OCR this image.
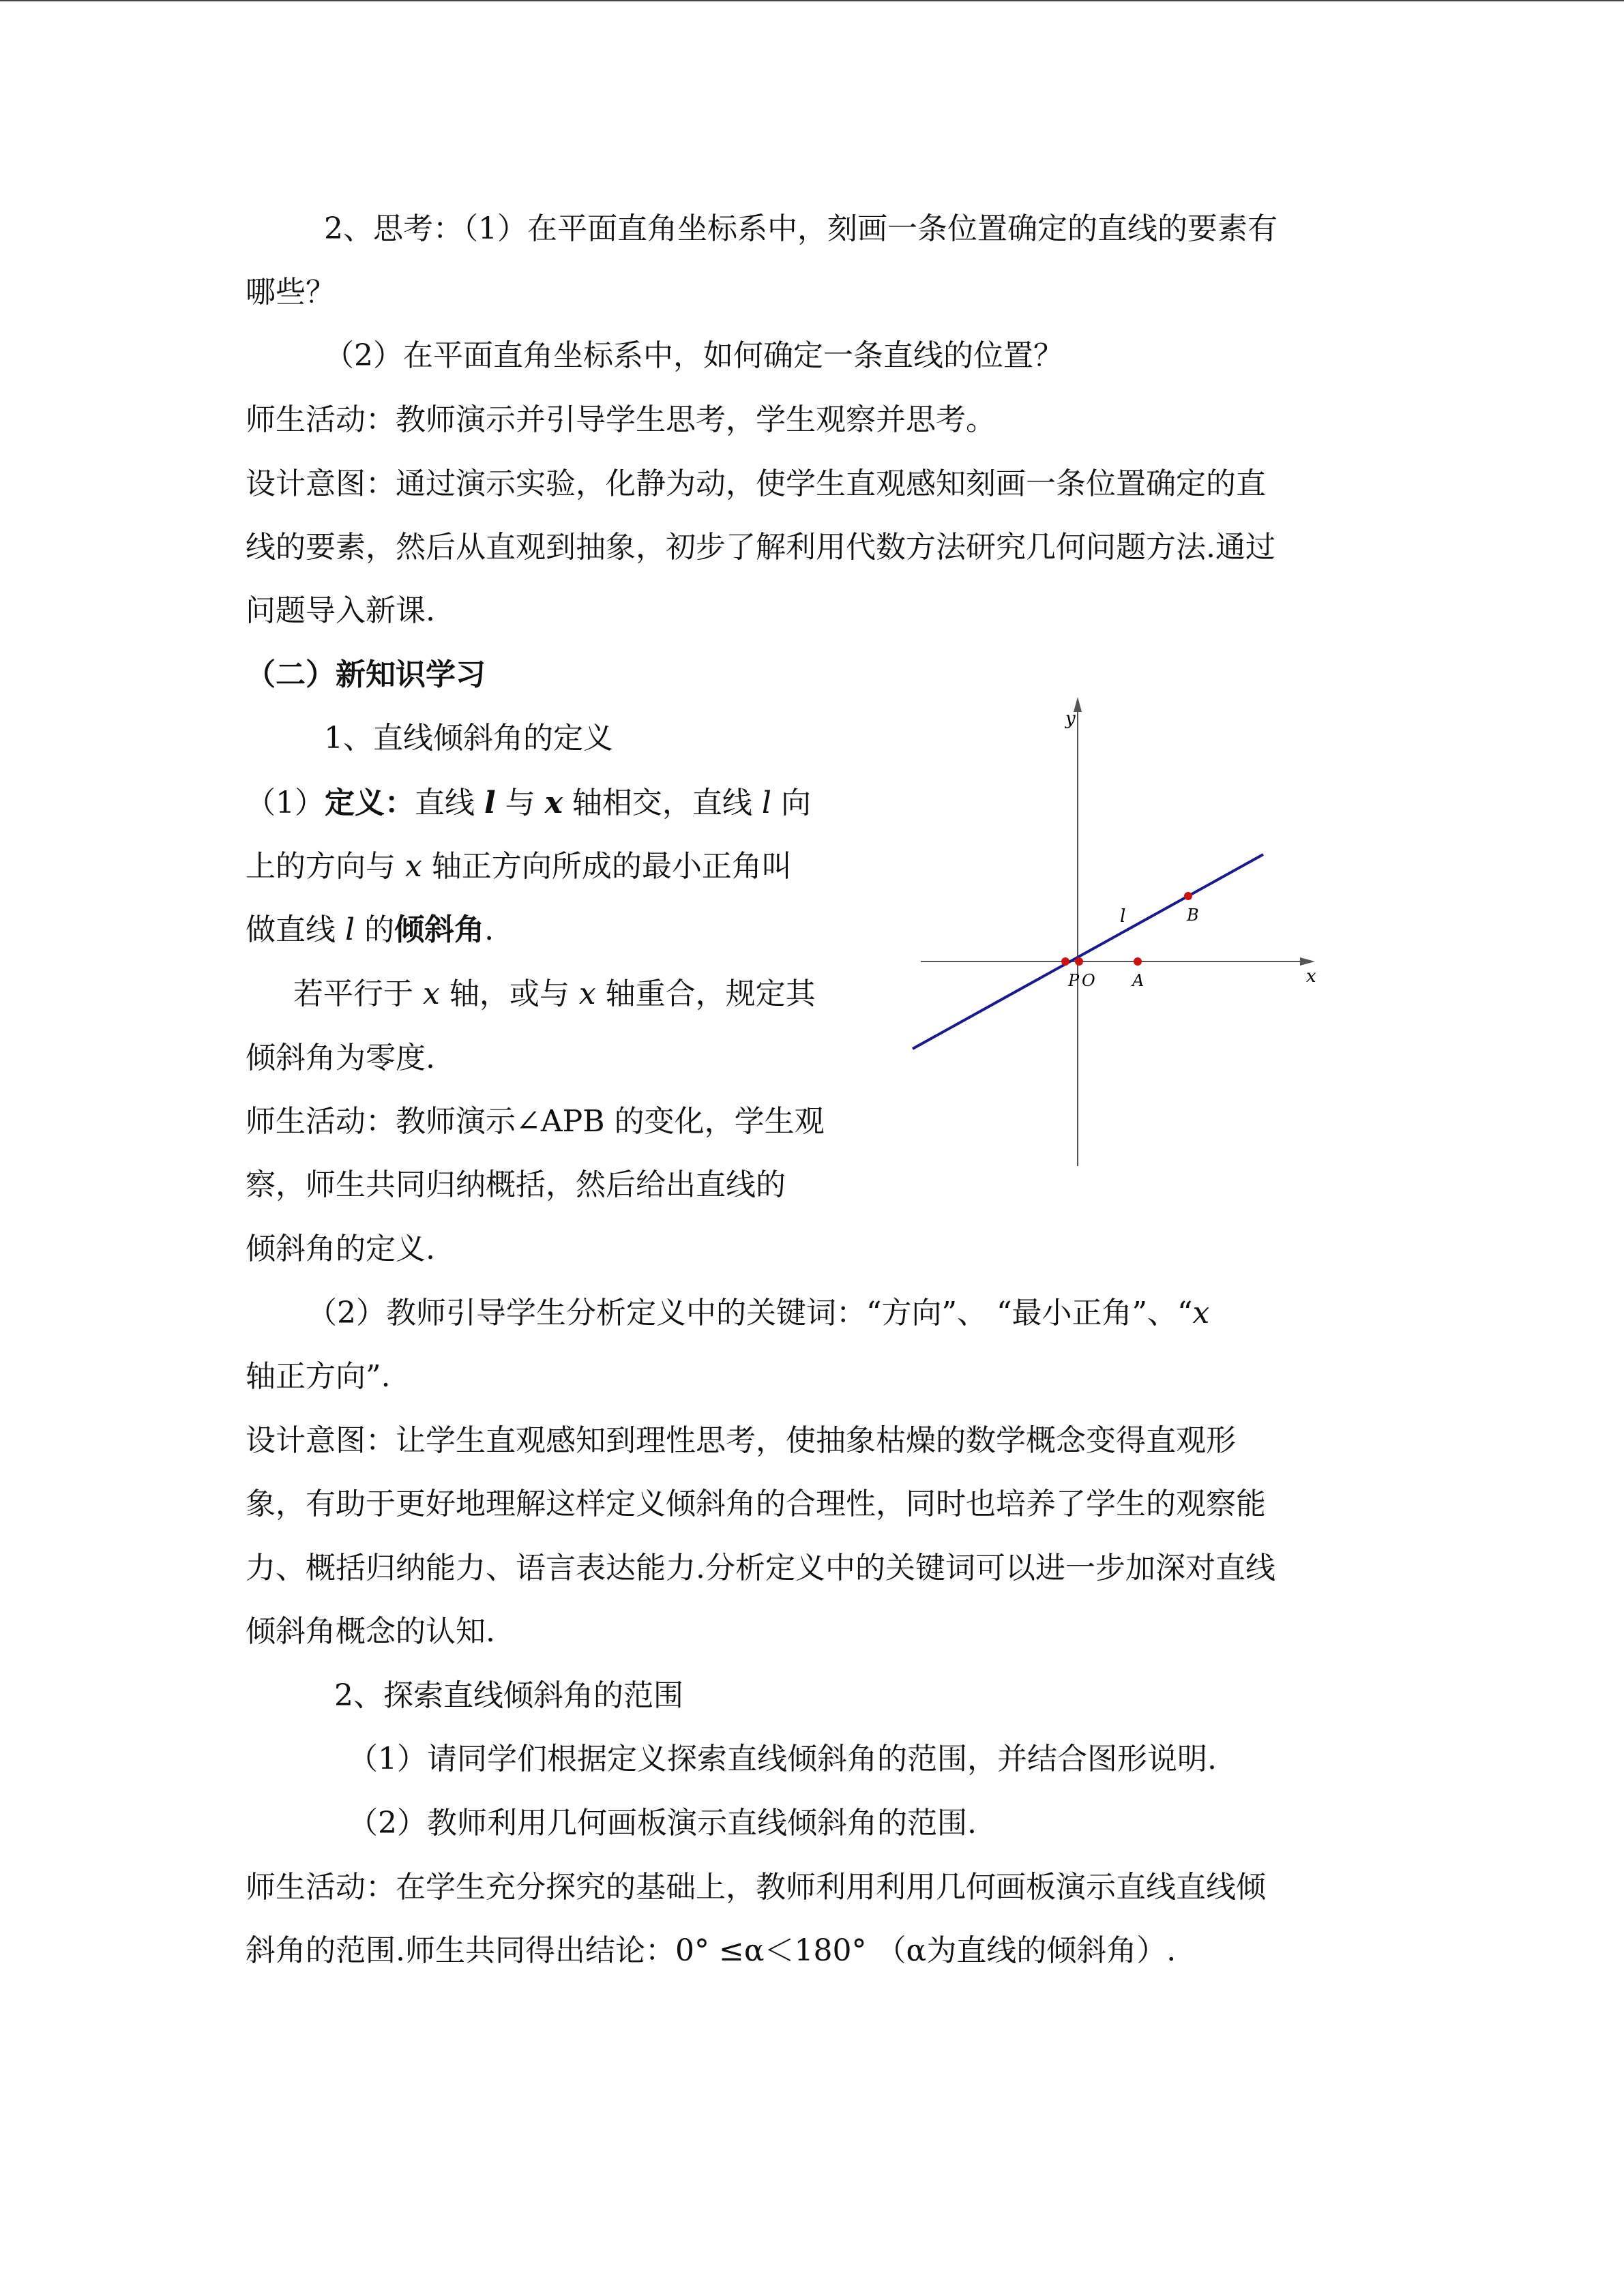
2、思考：（1）在平面直角坐标系中，刻画一条位置确定的直线的要素有
哪些？
（2）在平面直角坐标系中，如何确定一条直线的位置？
师生活动：教师演示并引导学生思考，学生观察并思考。
设计意图：通过演示实验，化静为动，使学生直观感知刻画一条位置确定的直
线的要素，然后从直观到抽象，初步了解利用代数方法研究几何问题方法.通过
问题导入新课.
（二）新知识学习
1、直线倾斜角的定义
（1）定义：直线 l 与 x 轴相交，直线 l 向
上的方向与 x 轴正方向所成的最小正角叫
做直线 l 的倾斜角.
若平行于 x 轴，或与 x 轴重合，规定其
倾斜角为零度.
师生活动：教师演示∠APB 的变化，学生观
察，师生共同归纳概括，然后给出直线的
倾斜角的定义.
y
x
l	B
P O A
（2）教师引导学生分析定义中的关键词：“方向”、 “最小正角”、“x
轴正方向”.
设计意图：让学生直观感知到理性思考，使抽象枯燥的数学概念变得直观形
象，有助于更好地理解这样定义倾斜角的合理性，同时也培养了学生的观察能
力、概括归纳能力、语言表达能力.分析定义中的关键词可以进一步加深对直线
倾斜角概念的认知.
2、探索直线倾斜角的范围
（1）请同学们根据定义探索直线倾斜角的范围，并结合图形说明.
（2）教师利用几何画板演示直线倾斜角的范围.
师生活动：在学生充分探究的基础上，教师利用利用几何画板演示直线直线倾
斜角的范围.师生共同得出结论：0° ≤α＜180° （α为直线的倾斜角）.
